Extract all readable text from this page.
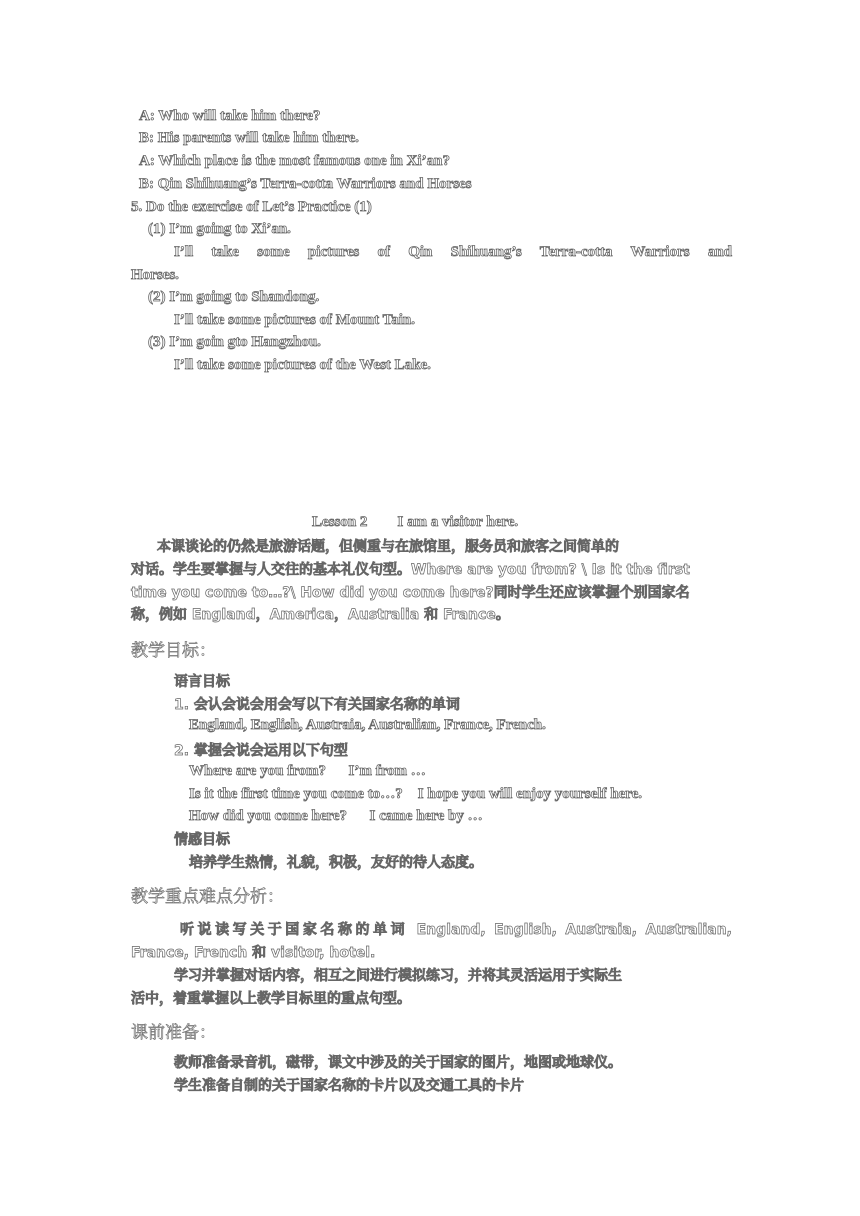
A: Who will take him there?
B: His parents will take him there.
A: Which place is the most famous one in Xi’an?
B: Qin Shihuang’s Terra-cotta Warriors and Horses
5. Do the exercise of Let’s Practice (1)
(1) I’m going to Xi’an.
I’ll take some pictures of Qin Shihuang’s Terra-cotta Warriors and
Horses.
(2) I’m going to Shandong.
I’ll take some pictures of Mount Tain.
(3) I’m goin gto Hangzhou.
I’ll take some pictures of the West Lake.
Lesson 2        I am a visitor here.
本课谈论的仍然是旅游话题，但侧重与在旅馆里，服务员和旅客之间简单的
对话。学生要掌握与人交往的基本礼仪句型。Where are you from? \ Is it the first
time you come to…?\ How did you come here?同时学生还应该掌握个别国家名
称，例如 England，America，Australia 和 France。
教学目标：
语言目标
1. 会认会说会用会写以下有关国家名称的单词
England, English, Austraia, Australian, France, French.
2. 掌握会说会运用以下句型
Where are you from?      I’m from …
Is it the first time you come to…?    I hope you will enjoy yourself here.
How did you come here?      I came here by …
情感目标
培养学生热情，礼貌，积极，友好的待人态度。
教学重点难点分析：
听说读写关于国家名称的单词 England, English, Austraia, Australian,
France, French 和 visitor, hotel.
学习并掌握对话内容，相互之间进行模拟练习，并将其灵活运用于实际生
活中，着重掌握以上教学目标里的重点句型。
课前准备：
教师准备录音机，磁带，课文中涉及的关于国家的图片，地图或地球仪。
学生准备自制的关于国家名称的卡片以及交通工具的卡片
